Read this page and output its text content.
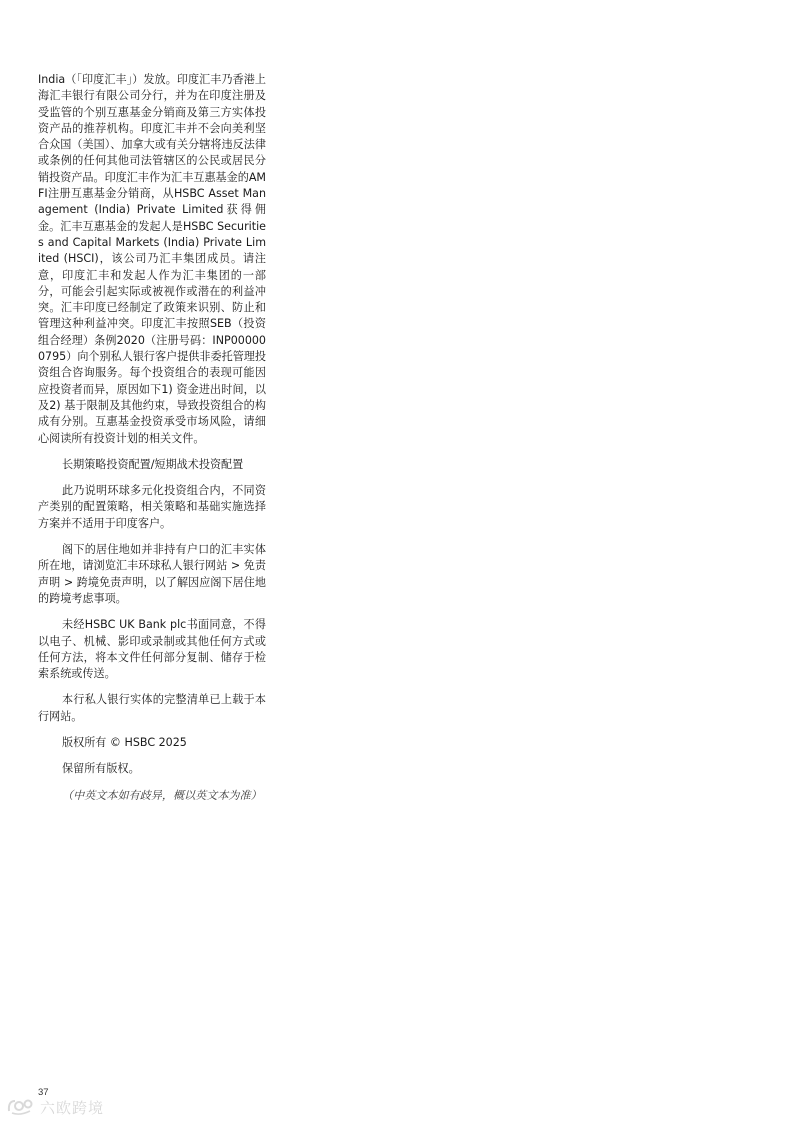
India（「印度汇丰」）发放。印度汇丰乃香港上海汇丰银行有限公司分行，并为在印度注册及受监管的个别互惠基金分销商及第三方实体投资产品的推荐机构。印度汇丰并不会向美利坚合众国（美国）、加拿大或有关分辖将违反法律或条例的任何其他司法管辖区的公民或居民分销投资产品。印度汇丰作为汇丰互惠基金的AMFI注册互惠基金分销商，从HSBC Asset Management (India) Private Limited获得佣金。汇丰互惠基金的发起人是HSBC Securities and Capital Markets (India) Private Limited (HSCI)，该公司乃汇丰集团成员。请注意，印度汇丰和发起人作为汇丰集团的一部分，可能会引起实际或被视作或潜在的利益冲突。汇丰印度已经制定了政策来识别、防止和管理这种利益冲突。印度汇丰按照SEB（投资组合经理）条例2020（注册号码：INP000000795）向个别私人银行客户提供非委托管理投资组合咨询服务。每个投资组合的表现可能因应投资者而异，原因如下1) 资金进出时间，以及2) 基于限制及其他约束，导致投资组合的构成有分别。互惠基金投资承受市场风险，请细心阅读所有投资计划的相关文件。

长期策略投资配置/短期战术投资配置

此乃说明环球多元化投资组合内，不同资产类别的配置策略，相关策略和基础实施选择方案并不适用于印度客户。

阁下的居住地如并非持有户口的汇丰实体所在地，请浏览汇丰环球私人银行网站 > 免责声明 > 跨境免责声明，以了解因应阁下居住地的跨境考虑事项。

未经HSBC UK Bank plc书面同意，不得以电子、机械、影印或录制或其他任何方式或任何方法，将本文件任何部分复制、储存于检索系统或传送。

本行私人银行实体的完整清单已上载于本行网站。

版权所有 © HSBC 2025

保留所有版权。

（中英文本如有歧异，概以英文本为准）

37
六欧跨境
